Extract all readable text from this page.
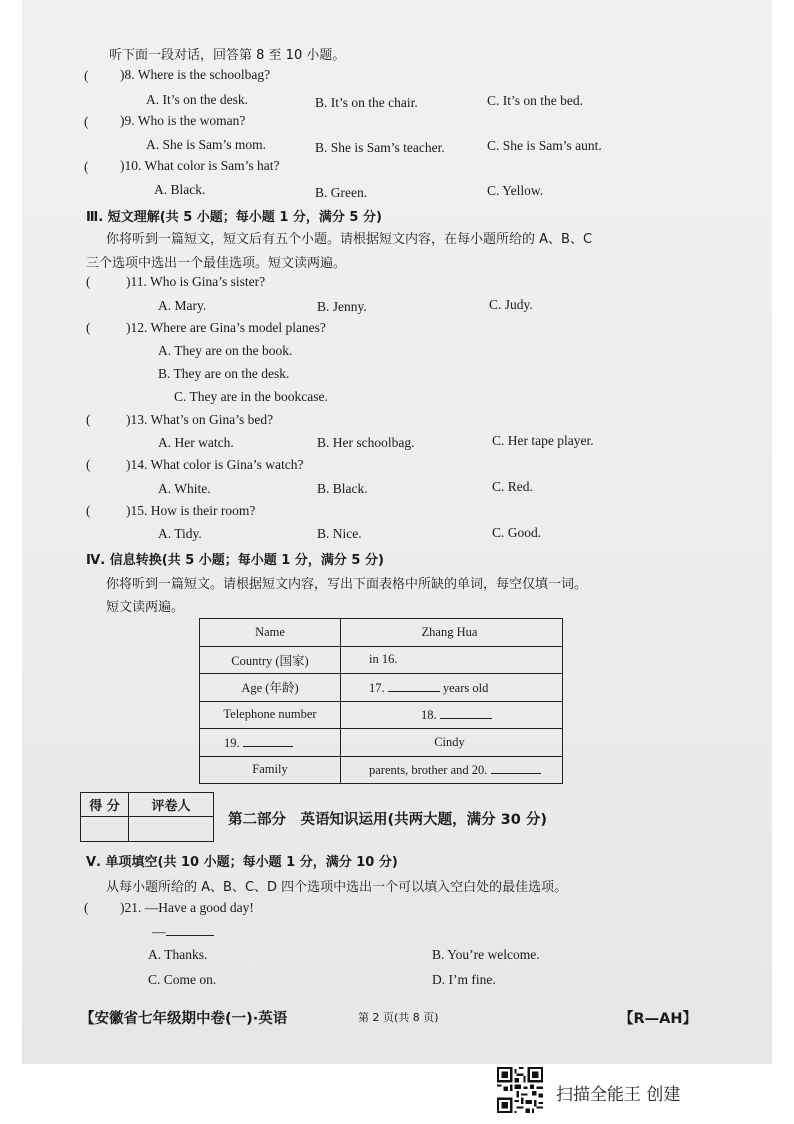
. . . . . . . . . . . . .
. . . . . . . . . . . . .
听下面一段对话，回答第 8 至 10 小题。
( )8. Where is the schoolbag?
A. It’s on the desk.	B. It’s on the chair.	C. It’s on the bed.
( )9. Who is the woman?
A. She is Sam’s mom.	B. She is Sam’s teacher.	C. She is Sam’s aunt.
( )10. What color is Sam’s hat?
A. Black.	B. Green.	C. Yellow.
Ⅲ. 短文理解(共 5 小题；每小题 1 分，满分 5 分)
你将听到一篇短文，短文后有五个小题。请根据短文内容，在每小题所给的 A、B、C
三个选项中选出一个最佳选项。短文读两遍。
(	)11. Who is Gina’s sister?
A. Mary.	B. Jenny.	C. Judy.
(	)12. Where are Gina’s model planes?
A. They are on the book.
B. They are on the desk.
C. They are in the bookcase.
(	)13. What’s on Gina’s bed?
A. Her watch.	B. Her schoolbag.	C. Her tape player.
(	)14. What color is Gina’s watch?
A. White.	B. Black.	C. Red.
(	)15. How is their room?
A. Tidy.	B. Nice.	C. Good.
Ⅳ. 信息转换(共 5 小题；每小题 1 分，满分 5 分)
你将听到一篇短文。请根据短文内容，写出下面表格中所缺的单词，每空仅填一词。
短文读两遍。
Name	Zhang Hua
Country (国家)	in 16.
Age (年龄)	17. years old
Telephone number	18.
19.	Cindy
Family	parents, brother and 20.
得 分	评卷人
第二部分　英语知识运用(共两大题，满分 30 分)
Ⅴ. 单项填空(共 10 小题；每小题 1 分，满分 10 分)
从每小题所给的 A、B、C、D 四个选项中选出一个可以填入空白处的最佳选项。
( )21. —Have a good day!
—
A. Thanks.	B. You’re welcome.
C. Come on.	D. I’m fine.
【安徽省七年级期中卷(一)·英语	第 2 页(共 8 页)	【R—AH】
扫描全能王 创建
